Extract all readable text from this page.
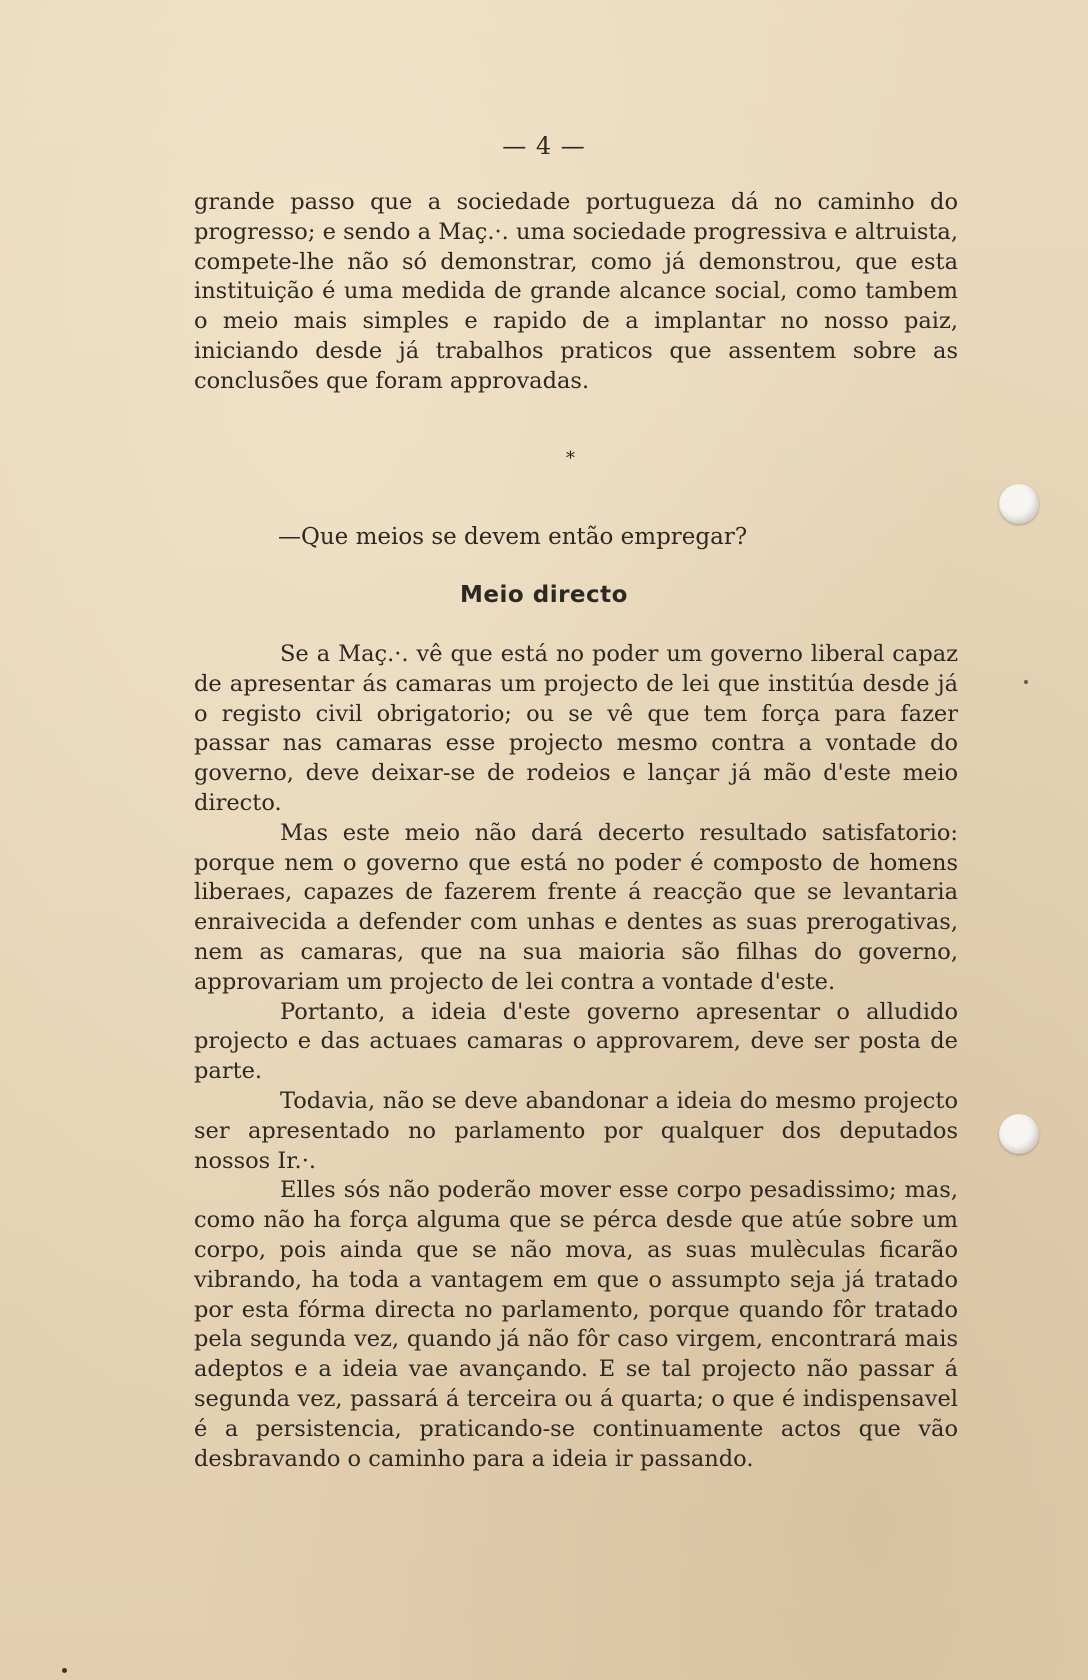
— 4 —

grande passo que a sociedade portugueza dá no caminho do progresso; e sendo a Maç.·. uma sociedade progressiva e altruista, compete-lhe não só demonstrar, como já demonstrou, que esta instituição é uma medida de grande alcance social, como tambem o meio mais simples e rapido de a implantar no nosso paiz, iniciando desde já trabalhos praticos que assentem sobre as conclusões que foram approvadas.

*
—Que meios se devem então empregar?
Meio directo

Se a Maç.·. vê que está no poder um governo liberal capaz de apresentar ás camaras um projecto de lei que institúa desde já o registo civil obrigatorio; ou se vê que tem força para fazer passar nas camaras esse projecto mesmo contra a vontade do governo, deve deixar-se de rodeios e lançar já mão d'este meio directo.

Mas este meio não dará decerto resultado satisfatorio: porque nem o governo que está no poder é composto de homens liberaes, capazes de fazerem frente á reacção que se levantaria enraivecida a defender com unhas e dentes as suas prerogativas, nem as camaras, que na sua maioria são filhas do governo, approvariam um projecto de lei contra a vontade d'este.

Portanto, a ideia d'este governo apresentar o alludido projecto e das actuaes camaras o approvarem, deve ser posta de parte.

Todavia, não se deve abandonar a ideia do mesmo projecto ser apresentado no parlamento por qualquer dos deputados nossos Ir.·.

Elles sós não poderão mover esse corpo pesadissimo; mas, como não ha força alguma que se pérca desde que atúe sobre um corpo, pois ainda que se não mova, as suas mulèculas ficarão vibrando, ha toda a vantagem em que o assumpto seja já tratado por esta fórma directa no parlamento, porque quando fôr tratado pela segunda vez, quando já não fôr caso virgem, encontrará mais adeptos e a ideia vae avançando. E se tal projecto não passar á segunda vez, passará á terceira ou á quarta; o que é indispensavel é a persistencia, praticando-se continuamente actos que vão desbravando o caminho para a ideia ir passando.
